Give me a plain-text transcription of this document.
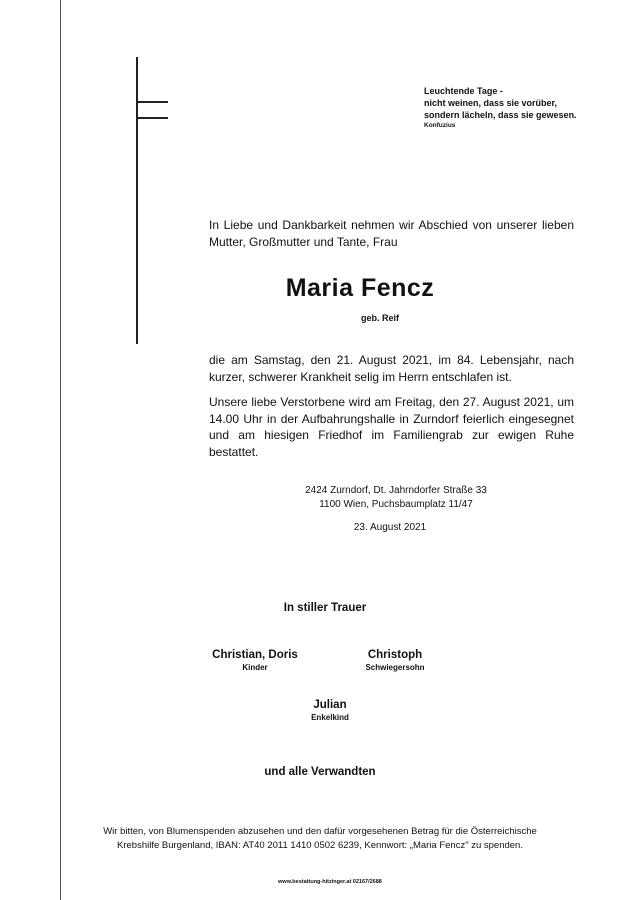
Leuchtende Tage -
nicht weinen, dass sie vorüber,
sondern lächeln, dass sie gewesen.
Konfuzius
In Liebe und Dankbarkeit nehmen wir Abschied von unserer lieben Mutter, Großmutter und Tante, Frau
Maria Fencz
geb. Reif
die am Samstag, den 21. August 2021, im 84. Lebensjahr, nach kurzer, schwerer Krankheit selig im Herrn entschlafen ist.
Unsere liebe Verstorbene wird am Freitag, den 27. August 2021, um 14.00 Uhr in der Aufbahrungshalle in Zurndorf feierlich eingesegnet und am hiesigen Friedhof im Familiengrab zur ewigen Ruhe bestattet.
2424 Zurndorf, Dt. Jahrndorfer Straße 33
1100 Wien, Puchsbaumplatz 11/47
23. August 2021
In stiller Trauer
Christian, Doris
Kinder
Christoph
Schwiegersohn
Julian
Enkelkind
und alle Verwandten
Wir bitten, von Blumenspenden abzusehen und den dafür vorgesehenen Betrag für die Österreichische
Krebshilfe Burgenland, IBAN: AT40 2011 1410 0502 6239, Kennwort: „Maria Fencz" zu spenden.
www.bestattung-hitzinger.at 02167/2688
